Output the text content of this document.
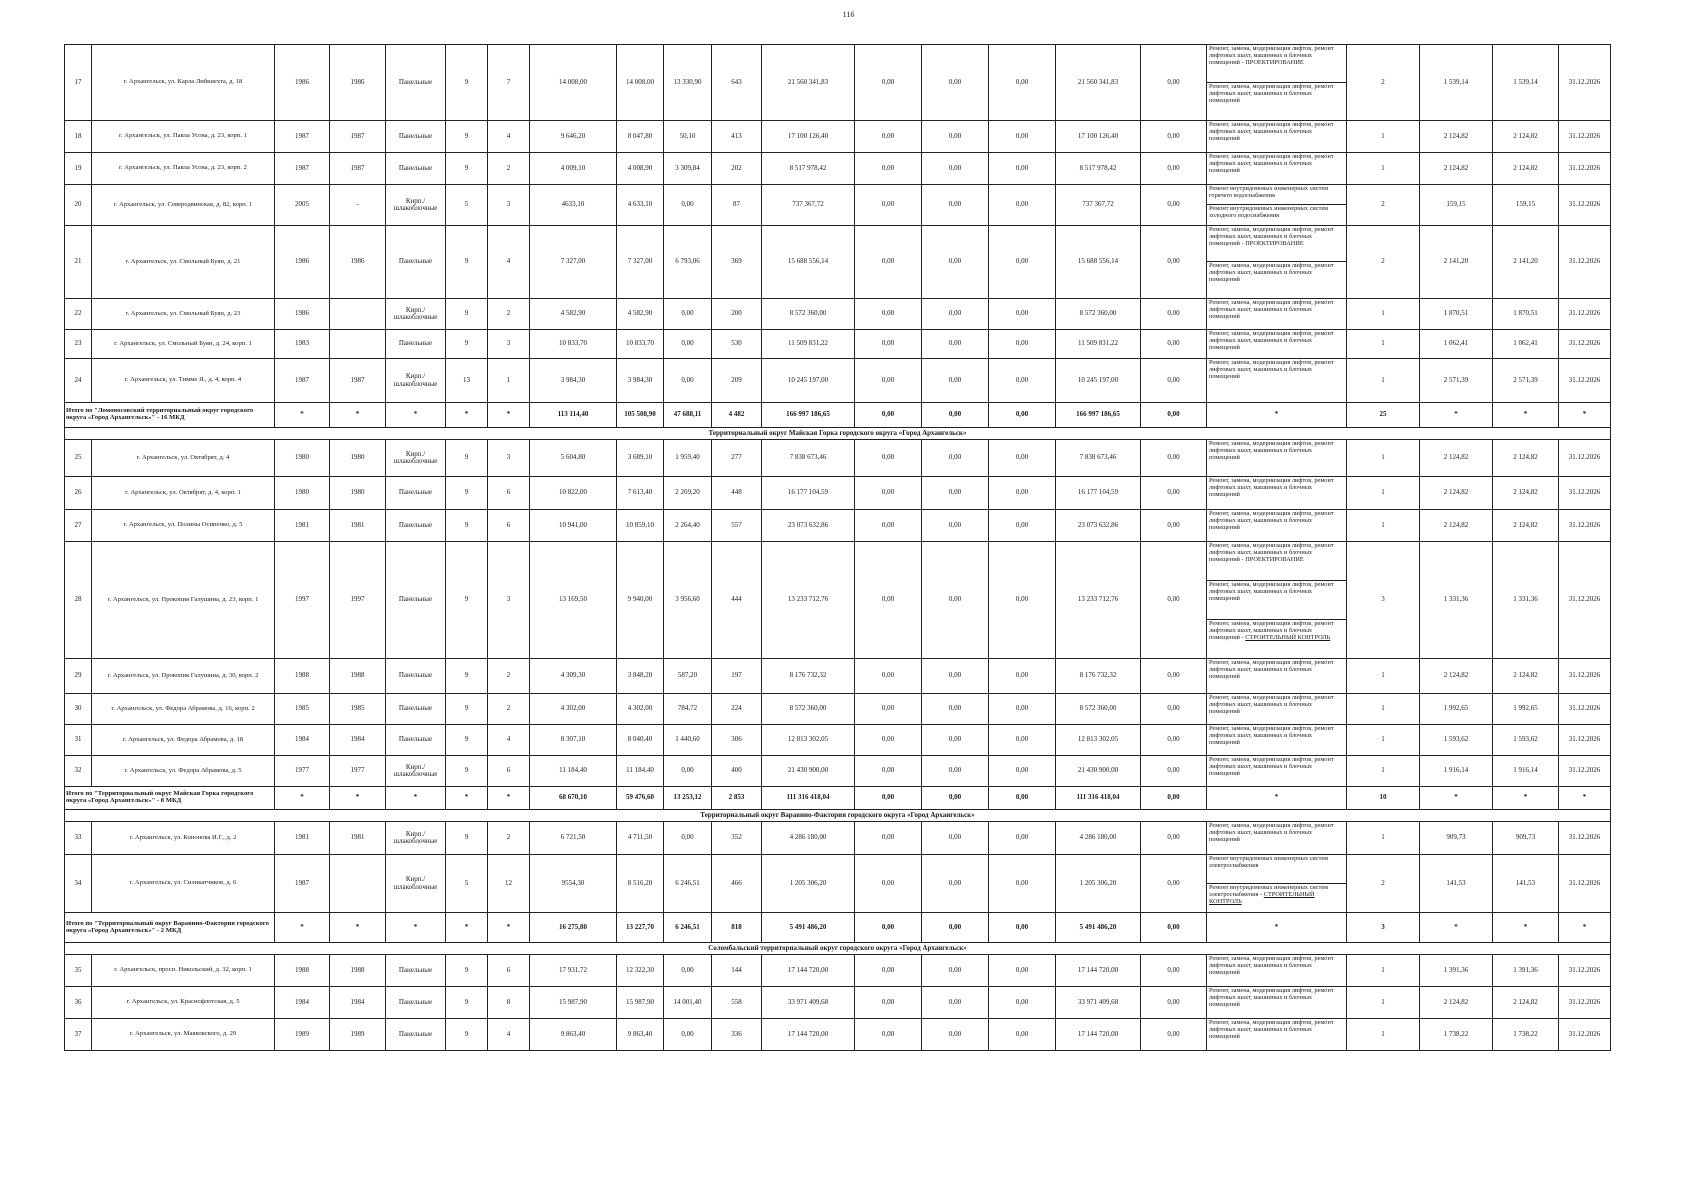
116
17	г. Архангельск, ул. Карла Либкнехта, д. 18	1986	1986	Панельные	9	7	14 008,00	14 008,00	13 330,90	643	21 560 341,83	0,00	0,00	0,00	21 560 341,83	0,00	Ремонт, замена, модернизация лифтов, ремонт лифтовых шахт, машинных и блочных помещений - ПРОЕКТИРОВАНИЕ	2	1 539,14	1 539,14	31.12.2026
																	Ремонт, замена, модернизация лифтов, ремонт лифтовых шахт, машинных и блочных помещений				
18	г. Архангельск, ул. Павла Усова, д. 23, корп. 1	1987	1987	Панельные	9	4	9 646,20	8 047,80	50,10	413	17 100 126,40	0,00	0,00	0,00	17 100 126,40	0,00	Ремонт, замена, модернизация лифтов, ремонт лифтовых шахт, машинных и блочных помещений	1	2 124,82	2 124,82	31.12.2026
19	г. Архангельск, ул. Павла Усова, д. 23, корп. 2	1987	1987	Панельные	9	2	4 009,10	4 008,90	3 309,84	202	8 517 978,42	0,00	0,00	0,00	8 517 978,42	0,00	Ремонт, замена, модернизация лифтов, ремонт лифтовых шахт, машинных и блочных помещений	1	2 124,82	2 124,82	31.12.2026
20	г. Архангельск, ул. Северодвинская, д. 82, корп. 1	2005	-	Кирп./ шлакоблочные	5	3	4633,10	4 633,10	0,00	87	737 367,72	0,00	0,00	0,00	737 367,72	0,00	Ремонт внутридомовых инженерных систем горячего водоснабжения	2	159,15	159,15	31.12.2026
																	Ремонт внутридомовых инженерных систем холодного водоснабжения				
21	г. Архангельск, ул. Смольный Буян, д. 21	1986	1986	Панельные	9	4	7 327,00	7 327,00	6 793,06	369	15 688 556,14	0,00	0,00	0,00	15 688 556,14	0,00	Ремонт, замена, модернизация лифтов, ремонт лифтовых шахт, машинных и блочных помещений - ПРОЕКТИРОВАНИЕ	2	2 141,20	2 141,20	31.12.2026
																	Ремонт, замена, модернизация лифтов, ремонт лифтовых шахт, машинных и блочных помещений				
22	г. Архангельск, ул. Смольный Буян, д. 23	1986		Кирп./ шлакоблочные	9	2	4 582,90	4 582,90	0,00	200	8 572 360,00	0,00	0,00	0,00	8 572 360,00	0,00	Ремонт, замена, модернизация лифтов, ремонт лифтовых шахт, машинных и блочных помещений	1	1 870,51	1 870,51	31.12.2026
23	г. Архангельск, ул. Смольный Буян, д. 24, корп. 1	1983		Панельные	9	3	10 833,70	10 833,70	0,00	530	11 509 831,22	0,00	0,00	0,00	11 509 831,22	0,00	Ремонт, замена, модернизация лифтов, ремонт лифтовых шахт, машинных и блочных помещений	1	1 062,41	1 062,41	31.12.2026
24	г. Архангельск, ул. Тимме Я., д. 4, корп. 4	1987	1987	Кирп./ шлакоблочные	13	1	3 984,30	3 984,30	0,00	209	10 245 197,00	0,00	0,00	0,00	10 245 197,00	0,00	Ремонт, замена, модернизация лифтов, ремонт лифтовых шахт, машинных и блочных помещений	1	2 571,39	2 571,39	31.12.2026
Итого по "Ломоносовский территориальный округ городского округа «Город Архангельск»" - 16 МКД		*	*	*	*	*	113 114,40	105 508,90	47 688,11	4 482	166 997 186,65	0,00	0,00	0,00	166 997 186,65	0,00	*	25	*	*	*
Территориальный округ Майская Горка городского округа «Город Архангельск»																					
25	г. Архангельск, ул. Октябрят, д. 4	1980	1980	Кирп./ шлакоблочные	9	3	5 604,80	3 689,10	1 959,40	277	7 838 673,46	0,00	0,00	0,00	7 838 673,46	0,00	Ремонт, замена, модернизация лифтов, ремонт лифтовых шахт, машинных и блочных помещений	1	2 124,82	2 124,82	31.12.2026
26	г. Архангельск, ул. Октябрят, д. 4, корп. 1	1980	1980	Панельные	9	6	10 822,00	7 613,40	2 269,20	448	16 177 104,59	0,00	0,00	0,00	16 177 104,59	0,00	Ремонт, замена, модернизация лифтов, ремонт лифтовых шахт, машинных и блочных помещений	1	2 124,82	2 124,82	31.12.2026
27	г. Архангельск, ул. Полины Осипенко, д. 5	1981	1981	Панельные	9	6	10 941,00	10 859,10	2 264,40	557	23 073 632,86	0,00	0,00	0,00	23 073 632,86	0,00	Ремонт, замена, модернизация лифтов, ремонт лифтовых шахт, машинных и блочных помещений	1	2 124,82	2 124,82	31.12.2026
28	г. Архангельск, ул. Прокопия Галушина, д. 23, корп. 1	1997	1997	Панельные	9	3	13 169,50	9 940,00	3 956,60	444	13 233 712,76	0,00	0,00	0,00	13 233 712,76	0,00	Ремонт, замена, модернизация лифтов, ремонт лифтовых шахт, машинных и блочных помещений - ПРОЕКТИРОВАНИЕ	3	1 331,36	1 331,36	31.12.2026
																	Ремонт, замена, модернизация лифтов, ремонт лифтовых шахт, машинных и блочных помещений				
																	Ремонт, замена, модернизация лифтов, ремонт лифтовых шахт, машинных и блочных помещений - СТРОИТЕЛЬНЫЙ КОНТРОЛЬ				
29	г. Архангельск, ул. Прокопия Галушина, д. 30, корп. 2	1988	1988	Панельные	9	2	4 309,30	3 848,20	587,20	197	8 176 732,32	0,00	0,00	0,00	8 176 732,32	0,00	Ремонт, замена, модернизация лифтов, ремонт лифтовых шахт, машинных и блочных помещений	1	2 124,82	2 124,82	31.12.2026
30	г. Архангельск, ул. Федора Абрамова, д. 16, корп. 2	1985	1985	Панельные	9	2	4 302,00	4 302,00	784,72	224	8 572 360,00	0,00	0,00	0,00	8 572 360,00	0,00	Ремонт, замена, модернизация лифтов, ремонт лифтовых шахт, машинных и блочных помещений	1	1 992,65	1 992,65	31.12.2026
31	г. Архангельск, ул. Федора Абрамова, д. 18	1984	1984	Панельные	9	4	8 307,10	8 040,40	1 440,60	306	12 813 302,05	0,00	0,00	0,00	12 813 302,05	0,00	Ремонт, замена, модернизация лифтов, ремонт лифтовых шахт, машинных и блочных помещений	1	1 593,62	1 593,62	31.12.2026
32	г. Архангельск, ул. Федора Абрамова, д. 5	1977	1977	Кирп./ шлакоблочные	9	6	11 184,40	11 184,40	0,00	400	21 430 900,00	0,00	0,00	0,00	21 430 900,00	0,00	Ремонт, замена, модернизация лифтов, ремонт лифтовых шахт, машинных и блочных помещений	1	1 916,14	1 916,14	31.12.2026
Итого по "Территориальный округ Майская Горка городского округа «Город Архангельск»" - 8 МКД		*	*	*	*	*	68 670,10	59 476,60	13 253,12	2 853	111 316 418,04	0,00	0,00	0,00	111 316 418,04	0,00	*	10	*	*	*
Территориальный округ Варавино-Фактория городского округа «Город Архангельск»																					
33	г. Архангельск, ул. Кононова И.Г., д. 2	1981	1981	Кирп./ шлакоблочные	9	2	6 721,50	4 711,50	0,00	352	4 286 180,00	0,00	0,00	0,00	4 286 180,00	0,00	Ремонт, замена, модернизация лифтов, ремонт лифтовых шахт, машинных и блочных помещений	1	909,73	909,73	31.12.2026
34	г. Архангельск, ул. Силикатчиков, д. 6	1987		Кирп./ шлакоблочные	5	12	9554,30	8 516,20	6 246,51	466	1 205 306,20	0,00	0,00	0,00	1 205 306,20	0,00	Ремонт внутридомовых инженерных систем электроснабжения	2	141,53	141,53	31.12.2026
																	Ремонт внутридомовых инженерных систем электроснабжения - СТРОИТЕЛЬНЫЙ КОНТРОЛЬ				
Итого по "Территориальный округ Варавино-Фактория городского округа «Город Архангельск»" - 2 МКД		*	*	*	*	*	16 275,80	13 227,70	6 246,51	818	5 491 486,20	0,00	0,00	0,00	5 491 486,20	0,00	*	3	*	*	*
Соломбальский территориальный округ городского округа «Город Архангельск»																					
35	г. Архангельск, просп. Никольский, д. 32, корп. 1	1988	1988	Панельные	9	6	17 931,72	12 322,30	0,00	144	17 144 720,00	0,00	0,00	0,00	17 144 720,00	0,00	Ремонт, замена, модернизация лифтов, ремонт лифтовых шахт, машинных и блочных помещений	1	1 391,36	1 391,36	31.12.2026
36	г. Архангельск, ул. Краснофлотская, д. 5	1984	1984	Панельные	9	8	15 987,90	15 987,90	14 001,40	558	33 971 409,68	0,00	0,00	0,00	33 971 409,68	0,00	Ремонт, замена, модернизация лифтов, ремонт лифтовых шахт, машинных и блочных помещений	1	2 124,82	2 124,82	31.12.2026
37	г. Архангельск, ул. Маяковского, д. 29	1989	1989	Панельные	9	4	9 863,40	9 863,40	0,00	336	17 144 720,00	0,00	0,00	0,00	17 144 720,00	0,00	Ремонт, замена, модернизация лифтов, ремонт лифтовых шахт, машинных и блочных помещений	1	1 738,22	1 738,22	31.12.2026
